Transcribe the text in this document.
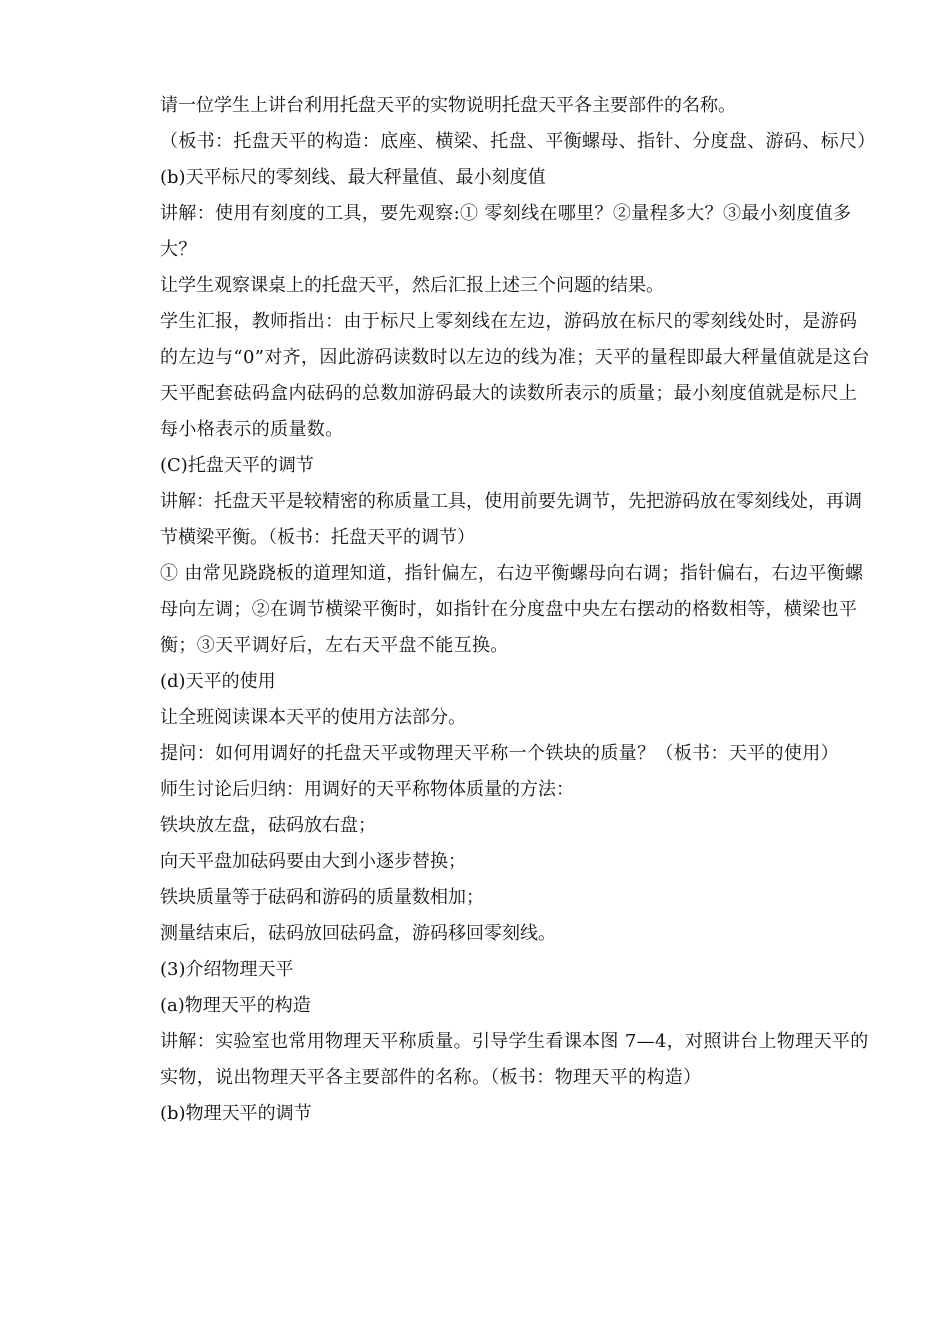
请一位学生上讲台利用托盘天平的实物说明托盘天平各主要部件的名称。

（板书：托盘天平的构造：底座、横梁、托盘、平衡螺母、指针、分度盘、游码、标尺）

(b)天平标尺的零刻线、最大秤量值、最小刻度值

讲解：使用有刻度的工具，要先观察:① 零刻线在哪里？②量程多大？③最小刻度值多大？

让学生观察课桌上的托盘天平，然后汇报上述三个问题的结果。

学生汇报，教师指出：由于标尺上零刻线在左边，游码放在标尺的零刻线处时，是游码的左边与“0”对齐，因此游码读数时以左边的线为准；天平的量程即最大秤量值就是这台天平配套砝码盒内砝码的总数加游码最大的读数所表示的质量；最小刻度值就是标尺上每小格表示的质量数。

(C)托盘天平的调节

讲解：托盘天平是较精密的称质量工具，使用前要先调节，先把游码放在零刻线处，再调节横梁平衡。（板书：托盘天平的调节）

① 由常见跷跷板的道理知道，指针偏左，右边平衡螺母向右调；指针偏右，右边平衡螺母向左调；②在调节横梁平衡时，如指针在分度盘中央左右摆动的格数相等，横梁也平衡；③天平调好后，左右天平盘不能互换。

(d)天平的使用

让全班阅读课本天平的使用方法部分。

提问：如何用调好的托盘天平或物理天平称一个铁块的质量？（板书：天平的使用）

师生讨论后归纳：用调好的天平称物体质量的方法：

铁块放左盘，砝码放右盘；

向天平盘加砝码要由大到小逐步替换；

铁块质量等于砝码和游码的质量数相加；

测量结束后，砝码放回砝码盒，游码移回零刻线。

(3)介绍物理天平

(a)物理天平的构造

讲解：实验室也常用物理天平称质量。引导学生看课本图 7—4，对照讲台上物理天平的实物，说出物理天平各主要部件的名称。（板书：物理天平的构造）

(b)物理天平的调节
